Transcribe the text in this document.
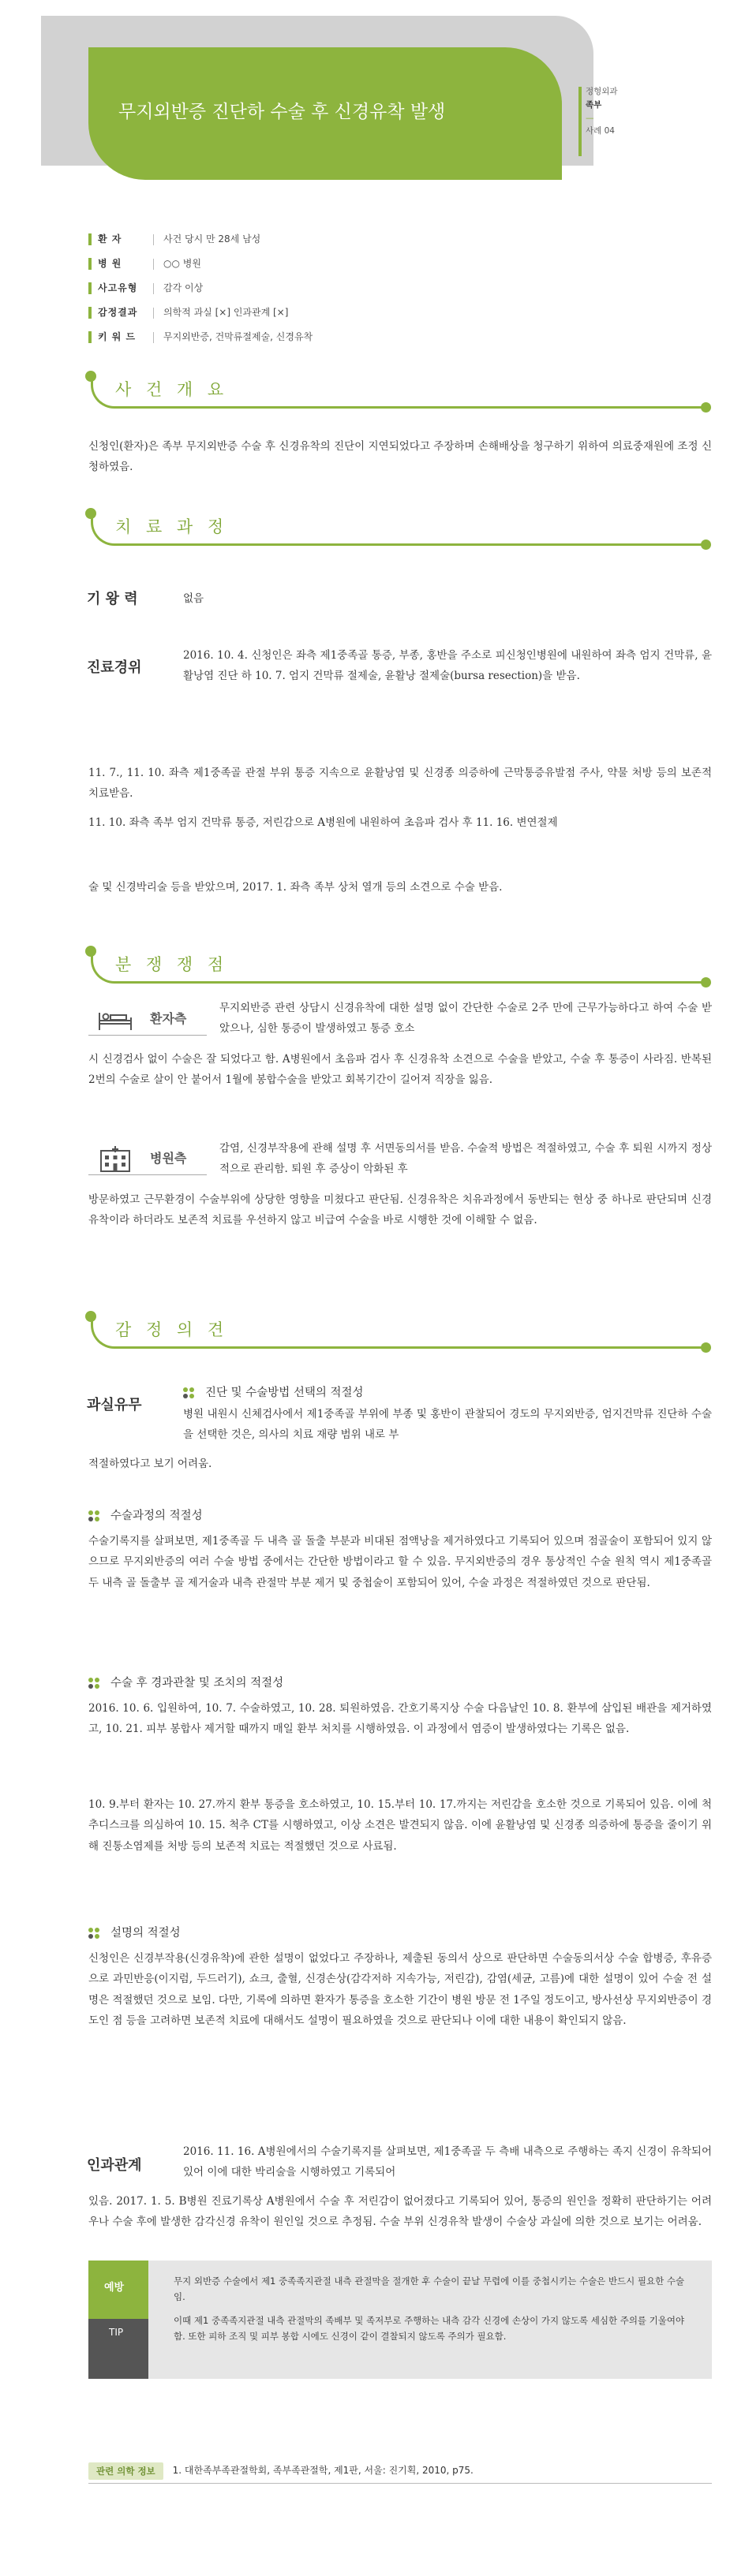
무지외반증 진단하 수술 후 신경유착 발생
정형외과
족부
—
사례 04
환 자	사건 당시 만 28세 남성
병 원	○○ 병원
사고유형	감각 이상
감정결과	의학적 과실 [×] 인과관계 [×]
키 워 드	무지외반증, 건막류절제술, 신경유착
사 건 개 요

신청인(환자)은 족부 무지외반증 수술 후 신경유착의 진단이 지연되었다고 주장하며 손해배상을 청구하기 위하여 의료중재원에 조정 신청하였음.

치 료 과 정
기 왕 력	없음
진료경위

2016. 10. 4. 신청인은 좌측 제1중족골 통증, 부종, 홍반을 주소로 피신청인병원에 내원하여 좌측 엄지 건막류, 윤활낭염 진단 하 10. 7. 엄지 건막류 절제술, 윤활낭 절제술(bursa resection)을 받음.

11. 7., 11. 10. 좌측 제1중족골 관절 부위 통증 지속으로 윤활낭염 및 신경종 의증하에 근막통증유발점 주사, 약물 처방 등의 보존적 치료받음.

11. 10. 좌측 족부 엄지 건막류 통증, 저린감으로 A병원에 내원하여 초음파 검사 후 11. 16. 변연절제

술 및 신경박리술 등을 받았으며, 2017. 1. 좌측 족부 상처 열개 등의 소견으로 수술 받음.

분 쟁 쟁 점
환자측

무지외반증 관련 상담시 신경유착에 대한 설명 없이 간단한 수술로 2주 만에 근무가능하다고 하여 수술 받았으나, 심한 통증이 발생하였고 통증 호소

시 신경검사 없이 수술은 잘 되었다고 함. A병원에서 초음파 검사 후 신경유착 소견으로 수술을 받았고, 수술 후 통증이 사라짐. 반복된 2번의 수술로 살이 안 붙어서 1월에 봉합수술을 받았고 회복기간이 길어져 직장을 잃음.

병원측

감염, 신경부작용에 관해 설명 후 서면동의서를 받음. 수술적 방법은 적절하였고, 수술 후 퇴원 시까지 정상적으로 관리함. 퇴원 후 증상이 악화된 후

방문하였고 근무환경이 수술부위에 상당한 영향을 미쳤다고 판단됨. 신경유착은 치유과정에서 동반되는 현상 중 하나로 판단되며 신경유착이라 하더라도 보존적 치료를 우선하지 않고 비급여 수술을 바로 시행한 것에 이해할 수 없음.

감 정 의 견
과실유무
진단 및 수술방법 선택의 적절성

병원 내원시 신체검사에서 제1중족골 부위에 부종 및 홍반이 관찰되어 경도의 무지외반증, 엄지건막류 진단하 수술을 선택한 것은, 의사의 치료 재량 범위 내로 부

적절하였다고 보기 어려움.

수술과정의 적절성

수술기록지를 살펴보면, 제1중족골 두 내측 골 돌출 부분과 비대된 점액낭을 제거하였다고 기록되어 있으며 점골술이 포함되어 있지 않으므로 무지외반증의 여러 수술 방법 중에서는 간단한 방법이라고 할 수 있음. 무지외반증의 경우 통상적인 수술 원칙 역시 제1중족골 두 내측 골 돌출부 골 제거술과 내측 관절막 부분 제거 및 중첩술이 포함되어 있어, 수술 과정은 적절하였던 것으로 판단됨.

수술 후 경과관찰 및 조치의 적절성

2016. 10. 6. 입원하여, 10. 7. 수술하였고, 10. 28. 퇴원하였음. 간호기록지상 수술 다음날인 10. 8. 환부에 삼입된 배관을 제거하였고, 10. 21. 피부 봉합사 제거할 때까지 매일 환부 처치를 시행하였음. 이 과정에서 염증이 발생하였다는 기록은 없음.

10. 9.부터 환자는 10. 27.까지 환부 통증을 호소하였고, 10. 15.부터 10. 17.까지는 저린감을 호소한 것으로 기록되어 있음. 이에 척추디스크를 의심하여 10. 15. 척추 CT를 시행하였고, 이상 소견은 발견되지 않음. 이에 윤활낭염 및 신경종 의증하에 통증을 줄이기 위해 진통소염제를 처방 등의 보존적 치료는 적절했던 것으로 사료됨.

설명의 적절성

신청인은 신경부작용(신경유착)에 관한 설명이 없었다고 주장하나, 제출된 동의서 상으로 판단하면 수술동의서상 수술 합병증, 후유증으로 과민반응(이지럼, 두드러기), 쇼크, 출혈, 신경손상(감각저하 지속가능, 저린감), 감염(세균, 고름)에 대한 설명이 있어 수술 전 설명은 적절했던 것으로 보임. 다만, 기록에 의하면 환자가 통증을 호소한 기간이 병원 방문 전 1주일 정도이고, 방사선상 무지외반증이 경도인 점 등을 고려하면 보존적 치료에 대해서도 설명이 필요하였을 것으로 판단되나 이에 대한 내용이 확인되지 않음.

인과관계

2016. 11. 16. A병원에서의 수술기록지를 살펴보면, 제1중족골 두 측배 내측으로 주행하는 족지 신경이 유착되어 있어 이에 대한 박리술을 시행하였고 기록되어

있음. 2017. 1. 5. B병원 진료기록상 A병원에서 수술 후 저린감이 없어졌다고 기록되어 있어, 통증의 원인을 정확히 판단하기는 어려우나 수술 후에 발생한 감각신경 유착이 원인일 것으로 추정됨. 수술 부위 신경유착 발생이 수술상 과실에 의한 것으로 보기는 어려움.

예방
TIP

무지 외반증 수술에서 제1 중족족지관절 내측 관절막을 절개한 후 수술이 끝날 무렵에 이를 중첩시키는 수술은 반드시 필요한 수술임.

이때 제1 중족족지관절 내측 관절막의 족배부 및 족저부로 주행하는 내측 감각 신경에 손상이 가지 않도록 세심한 주의를 기울여야 함. 또한 피하 조직 및 피부 봉합 시에도 신경이 같이 결찰되지 않도록 주의가 필요함.

관련 의학 정보	1. 대한족부족관절학회, 족부족관절학, 제1판, 서울: 진기획, 2010, p75.
